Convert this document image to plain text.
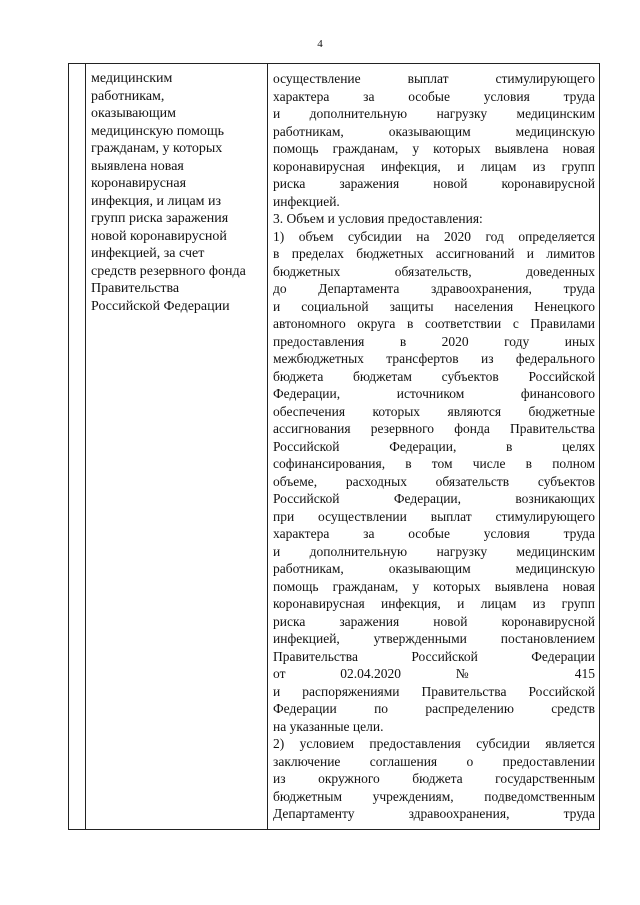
4
медицинским
работникам,
оказывающим
медицинскую помощь
гражданам, у которых
выявлена новая
коронавирусная
инфекция, и лицам из
групп риска заражения
новой коронавирусной
инфекцией, за счет
средств резервного фонда
Правительства
Российской Федерации
осуществление выплат стимулирующего
характера за особые условия труда
и дополнительную нагрузку медицинским
работникам, оказывающим медицинскую
помощь гражданам, у которых выявлена новая
коронавирусная инфекция, и лицам из групп
риска заражения новой коронавирусной
инфекцией.
3. Объем и условия предоставления:
1) объем субсидии на 2020 год определяется
в пределах бюджетных ассигнований и лимитов
бюджетных обязательств, доведенных
до Департамента здравоохранения, труда
и социальной защиты населения Ненецкого
автономного округа в соответствии с Правилами
предоставления в 2020 году иных
межбюджетных трансфертов из федерального
бюджета бюджетам субъектов Российской
Федерации, источником финансового
обеспечения которых являются бюджетные
ассигнования резервного фонда Правительства
Российской Федерации, в целях
софинансирования, в том числе в полном
объеме, расходных обязательств субъектов
Российской Федерации, возникающих
при осуществлении выплат стимулирующего
характера за особые условия труда
и дополнительную нагрузку медицинским
работникам, оказывающим медицинскую
помощь гражданам, у которых выявлена новая
коронавирусная инфекция, и лицам из групп
риска заражения новой коронавирусной
инфекцией, утвержденными постановлением
Правительства Российской Федерации
от 02.04.2020 № 415
и распоряжениями Правительства Российской
Федерации по распределению средств
на указанные цели.
2) условием предоставления субсидии является
заключение соглашения о предоставлении
из окружного бюджета государственным
бюджетным учреждениям, подведомственным
Департаменту здравоохранения, труда
